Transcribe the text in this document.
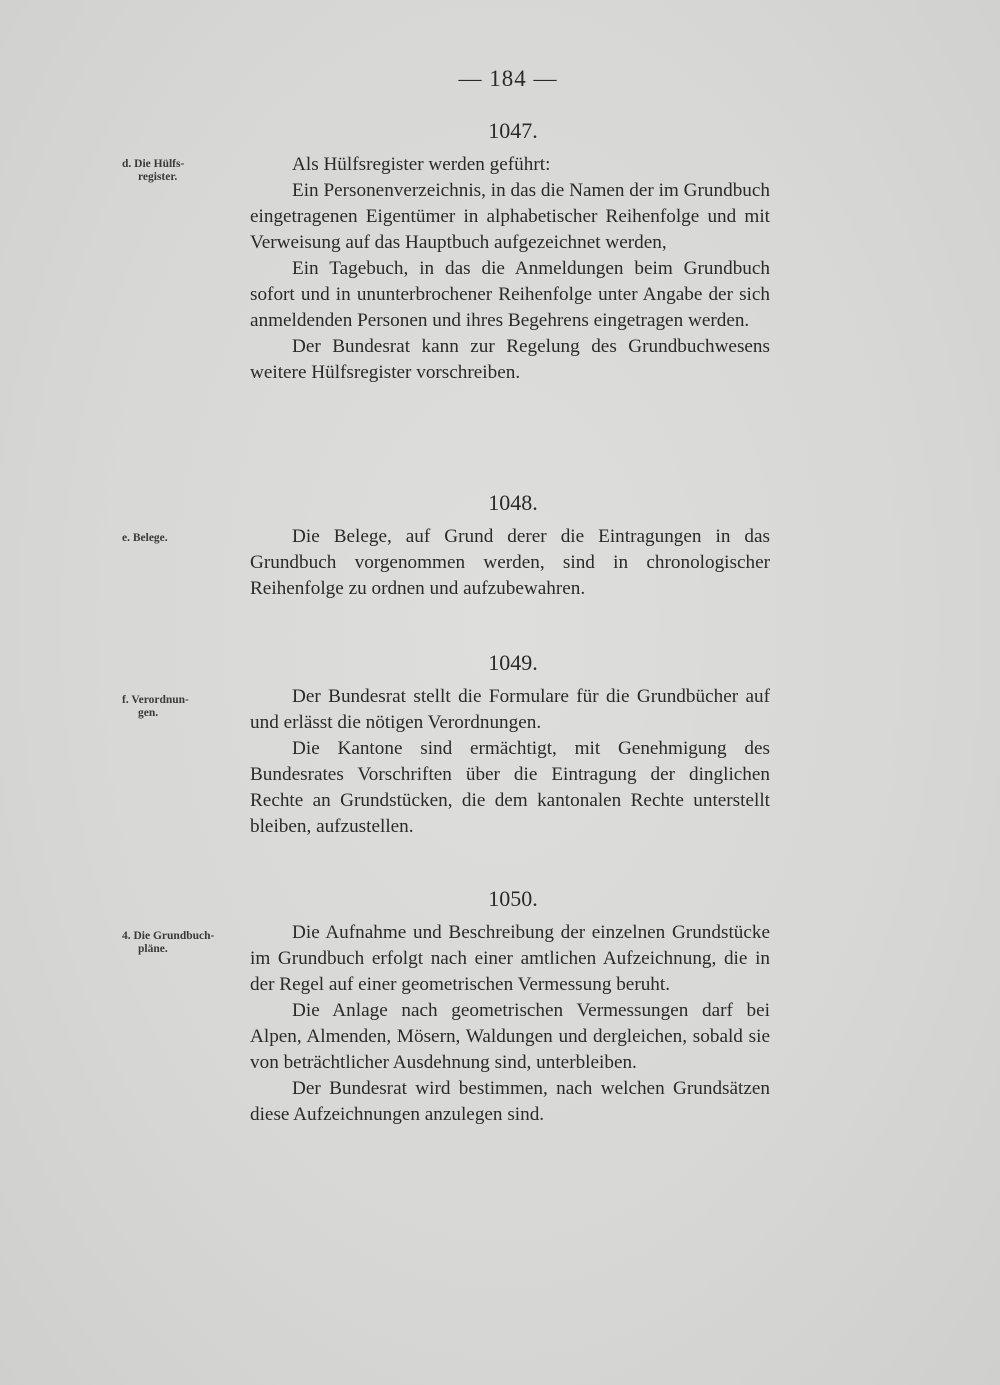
— 184 —
d. Die Hülfs-
register.
1047.

Als Hülfsregister werden geführt:

Ein Personenverzeichnis, in das die Namen der im Grundbuch eingetragenen Eigentümer in alphabetischer Reihenfolge und mit Verweisung auf das Hauptbuch aufgezeichnet werden,

Ein Tagebuch, in das die Anmeldungen beim Grundbuch sofort und in ununterbrochener Reihenfolge unter Angabe der sich anmeldenden Personen und ihres Begehrens eingetragen werden.

Der Bundesrat kann zur Regelung des Grundbuchwesens weitere Hülfsregister vorschreiben.

e. Belege.
1048.

Die Belege, auf Grund derer die Eintragungen in das Grundbuch vorgenommen werden, sind in chronologischer Reihenfolge zu ordnen und aufzubewahren.

f. Verordnun-
gen.
1049.

Der Bundesrat stellt die Formulare für die Grundbücher auf und erlässt die nötigen Verordnungen.

Die Kantone sind ermächtigt, mit Genehmigung des Bundesrates Vorschriften über die Eintragung der dinglichen Rechte an Grundstücken, die dem kantonalen Rechte unterstellt bleiben, aufzustellen.

4. Die Grundbuch-
pläne.
1050.

Die Aufnahme und Beschreibung der einzelnen Grundstücke im Grundbuch erfolgt nach einer amtlichen Aufzeichnung, die in der Regel auf einer geometrischen Vermessung beruht.

Die Anlage nach geometrischen Vermessungen darf bei Alpen, Almenden, Mösern, Waldungen und dergleichen, sobald sie von beträchtlicher Ausdehnung sind, unterbleiben.

Der Bundesrat wird bestimmen, nach welchen Grundsätzen diese Aufzeichnungen anzulegen sind.
